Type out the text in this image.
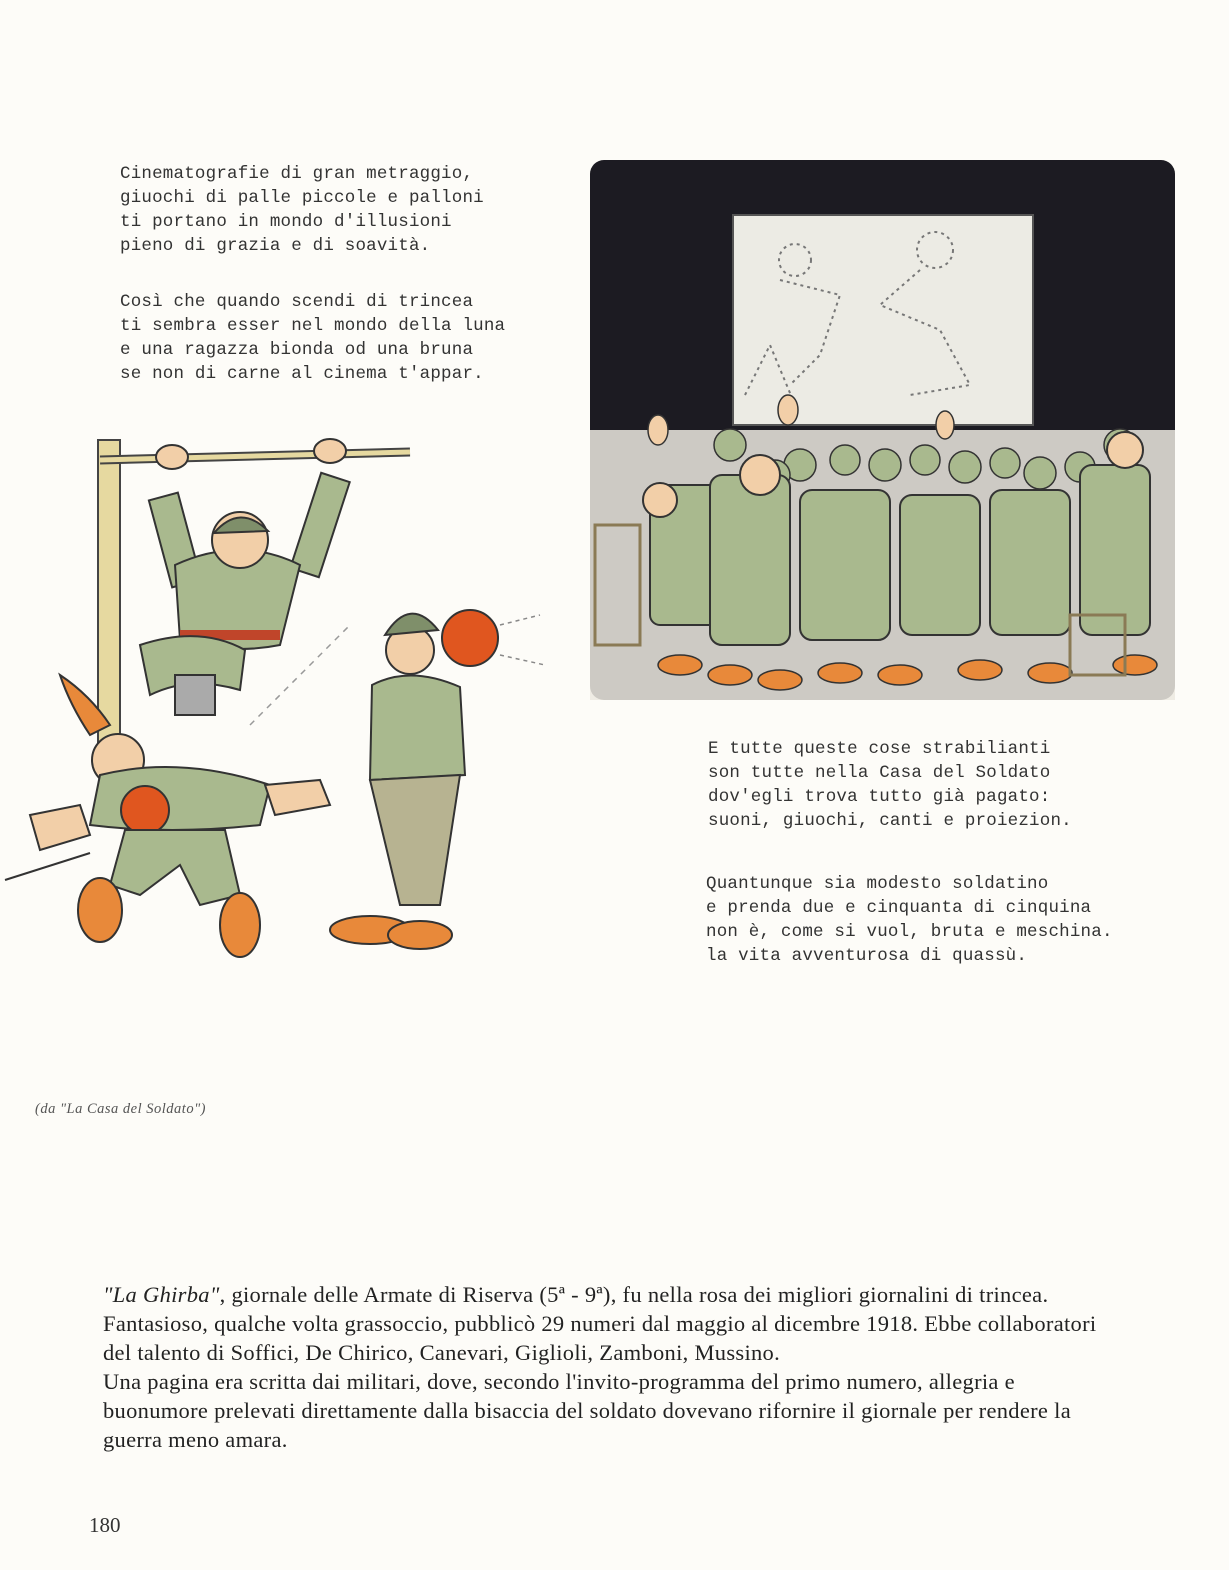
Cinematografie di gran metraggio,
giuochi di palle piccole e palloni
ti portano in mondo d'illusioni
pieno di grazia e di soavità.
Così che quando scendi di trincea
ti sembra esser nel mondo della luna
e una ragazza bionda od una bruna
se non di carne al cinema t'appar.
E tutte queste cose strabilianti
son tutte nella Casa del Soldato
dov'egli trova tutto già pagato:
suoni, giuochi, canti e proiezion.
Quantunque sia modesto soldatino
e prenda due e cinquanta di cinquina
non è, come si vuol, bruta e meschina.
la vita avventurosa di quassù.
(da "La Casa del Soldato")

"La Ghirba", giornale delle Armate di Riserva (5ª - 9ª), fu nella rosa dei migliori giornalini di trincea. Fantasioso, qualche volta grassoccio, pubblicò 29 numeri dal maggio al dicembre 1918. Ebbe collaboratori del talento di Soffici, De Chirico, Canevari, Giglioli, Zamboni, Mussino.

Una pagina era scritta dai militari, dove, secondo l'invito-programma del primo numero, allegria e buonumore prelevati direttamente dalla bisaccia del soldato dovevano rifornire il giornale per rendere la guerra meno amara.

180
